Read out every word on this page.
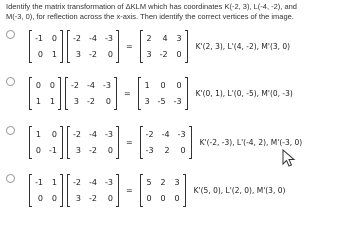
Identify the matrix transformation of ΔKLM which has coordinates K(-2, 3), L(-4, -2), and
M(-3, 0), for reflection across the x-axis. Then identify the correct vertices of the image.
-1 0
0 1
-2 -4 -3
3 -2	0
=
2	4 3
3 -2 0
K'(2, 3), L'(4, -2), M'(3, 0)
0 0
1 1
-2 -4 -3
3 -2	0
=
1	0	0
3 -5 -3
K'(0, 1), L'(0, -5), M'(0, -3)
1	0
0 -1
-2 -4 -3
3 -2	0
=
-2 -4 -3
-3	2	0
K'(-2, -3), L'(-4, 2), M'(-3, 0)
-1 1
0 0
-2 -4 -3
3 -2	0
=
5 2 3
0 0 0
K'(5, 0), L'(2, 0), M'(3, 0)
